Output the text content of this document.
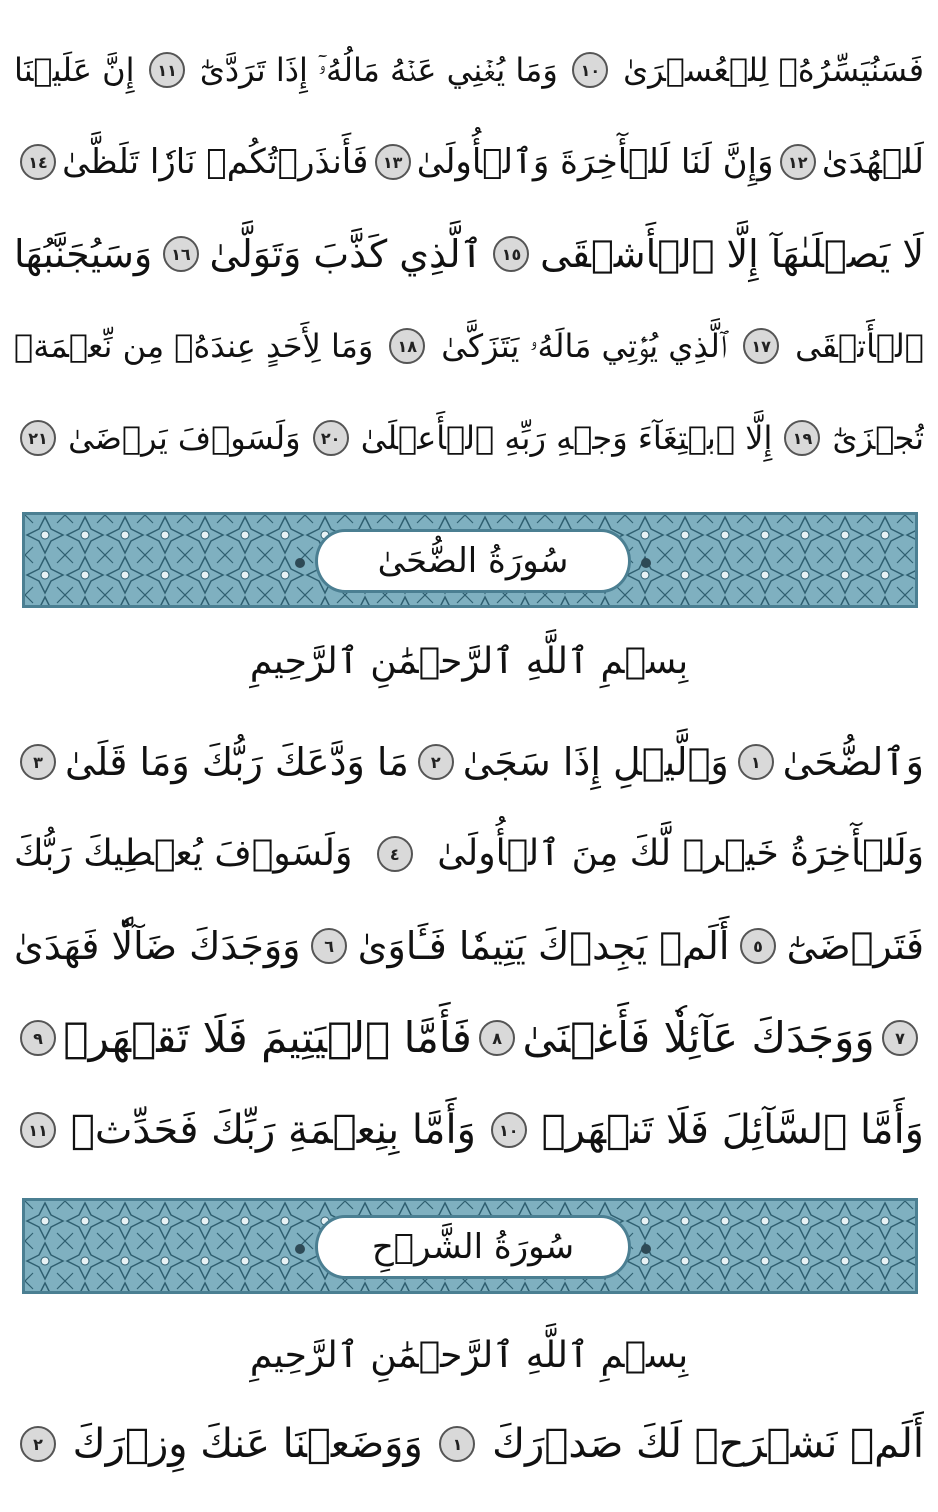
فَسَنُيَسِّرُهُۥ لِلۡعُسۡرَىٰ
١٠
وَمَا يُغۡنِي عَنۡهُ مَالُهُۥٓ إِذَا تَرَدَّىٰٓ
١١
إِنَّ عَلَيۡنَا
لَلۡهُدَىٰ
١٢
وَإِنَّ لَنَا لَلۡأٓخِرَةَ وَٱلۡأُولَىٰ
١٣
فَأَنذَرۡتُكُمۡ نَارٗا تَلَظَّىٰ
١٤
لَا يَصۡلَىٰهَآ إِلَّا ٱلۡأَشۡقَى
١٥
ٱلَّذِي كَذَّبَ وَتَوَلَّىٰ
١٦
وَسَيُجَنَّبُهَا
ٱلۡأَتۡقَى
١٧
ٱلَّذِي يُؤۡتِي مَالَهُۥ يَتَزَكَّىٰ
١٨
وَمَا لِأَحَدٍ عِندَهُۥ مِن نِّعۡمَةٖ
تُجۡزَىٰٓ
١٩
إِلَّا ٱبۡتِغَآءَ وَجۡهِ رَبِّهِ ٱلۡأَعۡلَىٰ
٢٠
وَلَسَوۡفَ يَرۡضَىٰ
٢١
سُورَةُ الضُّحَىٰ
بِسۡمِ ٱللَّهِ ٱلرَّحۡمَٰنِ ٱلرَّحِيمِ
وَٱلضُّحَىٰ
١
وَٱلَّيۡلِ إِذَا سَجَىٰ
٢
مَا وَدَّعَكَ رَبُّكَ وَمَا قَلَىٰ
٣
وَلَلۡأٓخِرَةُ خَيۡرٞ لَّكَ مِنَ ٱلۡأُولَىٰ
٤
وَلَسَوۡفَ يُعۡطِيكَ رَبُّكَ
فَتَرۡضَىٰٓ
٥
أَلَمۡ يَجِدۡكَ يَتِيمٗا فَـَٔاوَىٰ
٦
وَوَجَدَكَ ضَآلّٗا فَهَدَىٰ
٧
وَوَجَدَكَ عَآئِلٗا فَأَغۡنَىٰ
٨
فَأَمَّا ٱلۡيَتِيمَ فَلَا تَقۡهَرۡ
٩
وَأَمَّا ٱلسَّآئِلَ فَلَا تَنۡهَرۡ
١٠
وَأَمَّا بِنِعۡمَةِ رَبِّكَ فَحَدِّثۡ
١١
سُورَةُ الشَّرۡحِ
بِسۡمِ ٱللَّهِ ٱلرَّحۡمَٰنِ ٱلرَّحِيمِ
أَلَمۡ نَشۡرَحۡ لَكَ صَدۡرَكَ
١
وَوَضَعۡنَا عَنكَ وِزۡرَكَ
٢
